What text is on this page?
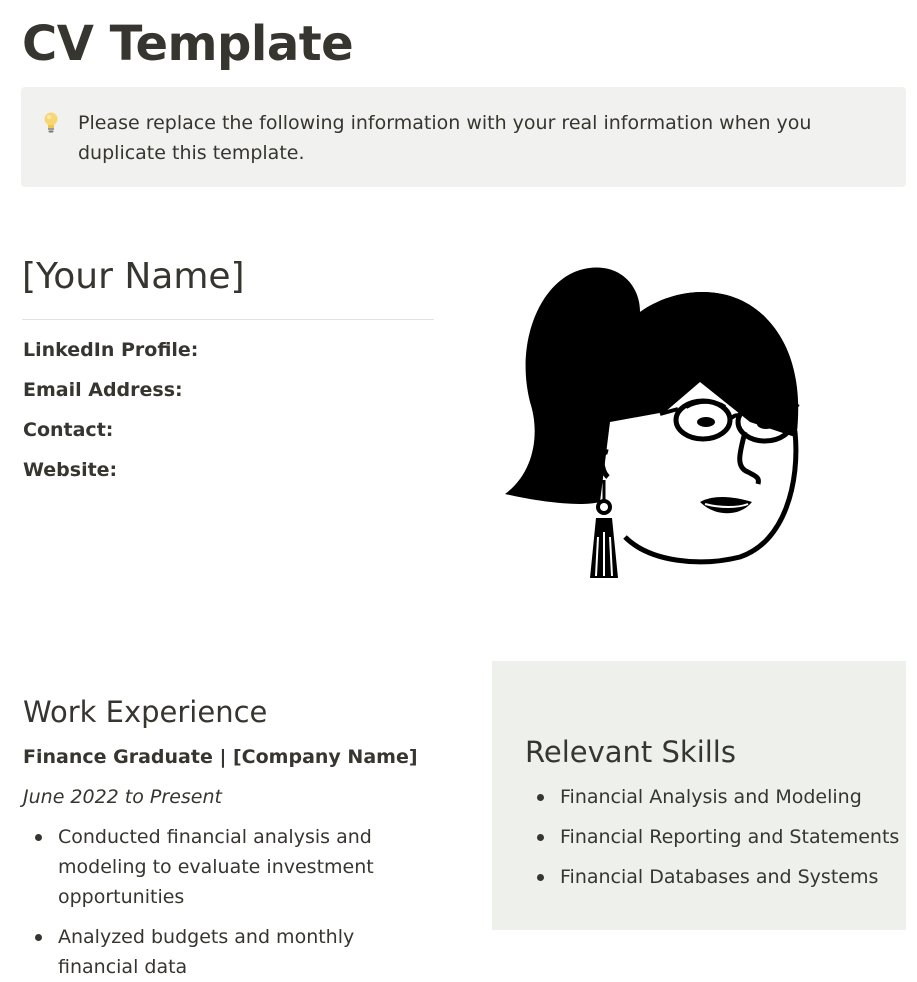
CV Template

Please replace the following information with your real information when you duplicate this template.

[Your Name]

LinkedIn Profile:

Email Address:

Contact:

Website:

Work Experience

Finance Graduate | [Company Name]

June 2022 to Present

Conducted financial analysis and modeling to evaluate investment opportunities
Analyzed budgets and monthly financial data
Relevant Skills
Financial Analysis and Modeling
Financial Reporting and Statements
Financial Databases and Systems
